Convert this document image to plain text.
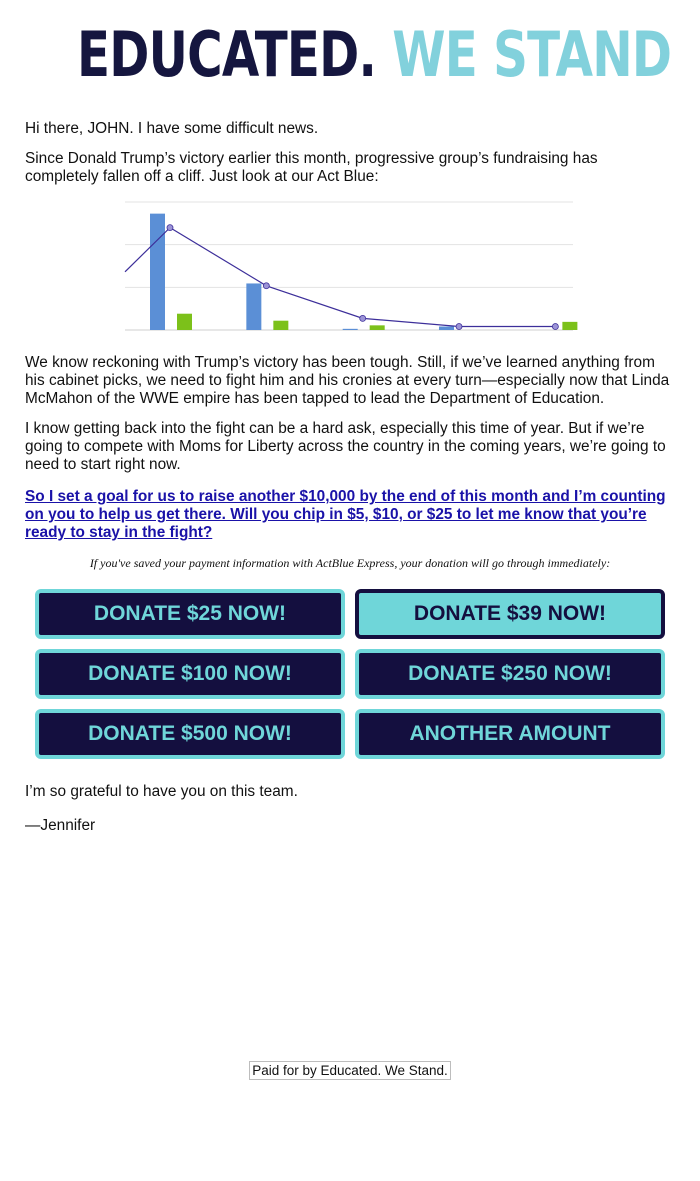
EDUCATED. WE STAND

Hi there, JOHN. I have some difficult news.

Since Donald Trump’s victory earlier this month, progressive group’s fundraising has completely fallen off a cliff. Just look at our Act Blue:

We know reckoning with Trump’s victory has been tough. Still, if we’ve learned anything from his cabinet picks, we need to fight him and his cronies at every turn—especially now that Linda McMahon of the WWE empire has been tapped to lead the Department of Education.

I know getting back into the fight can be a hard ask, especially this time of year. But if we’re going to compete with Moms for Liberty across the country in the coming years, we’re going to need to start right now.

So I set a goal for us to raise another $10,000 by the end of this month and I’m counting on you to help us get there. Will you chip in $5, $10, or $25 to let me know that you’re ready to stay in the fight?
If you've saved your payment information with ActBlue Express, your donation will go through immediately:
DONATE $25 NOW!	DONATE $39 NOW!
DONATE $100 NOW!	DONATE $250 NOW!
DONATE $500 NOW!	ANOTHER AMOUNT

I’m so grateful to have you on this team.

—Jennifer

Paid for by Educated. We Stand.
